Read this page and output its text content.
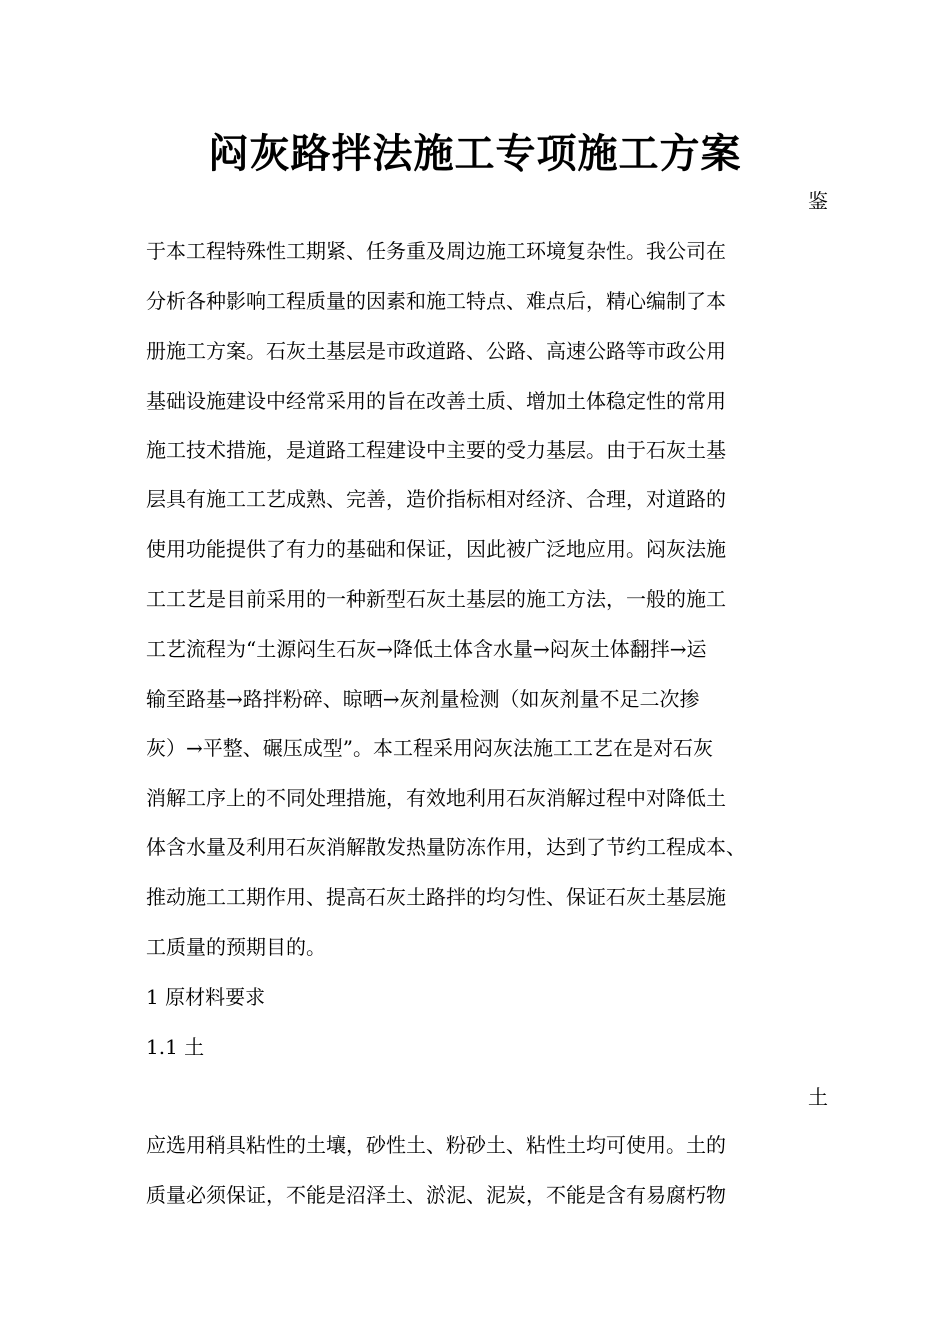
闷灰路拌法施工专项施工方案
鉴
于本工程特殊性工期紧、任务重及周边施工环境复杂性。我公司在
分析各种影响工程质量的因素和施工特点、难点后，精心编制了本
册施工方案。石灰土基层是市政道路、公路、高速公路等市政公用
基础设施建设中经常采用的旨在改善土质、增加土体稳定性的常用
施工技术措施，是道路工程建设中主要的受力基层。由于石灰土基
层具有施工工艺成熟、完善，造价指标相对经济、合理，对道路的
使用功能提供了有力的基础和保证，因此被广泛地应用。闷灰法施
工工艺是目前采用的一种新型石灰土基层的施工方法，一般的施工
工艺流程为“土源闷生石灰→降低土体含水量→闷灰土体翻拌→运
输至路基→路拌粉碎、晾晒→灰剂量检测（如灰剂量不足二次掺
灰）→平整、碾压成型”。本工程采用闷灰法施工工艺在是对石灰
消解工序上的不同处理措施，有效地利用石灰消解过程中对降低土
体含水量及利用石灰消解散发热量防冻作用，达到了节约工程成本、
推动施工工期作用、提高石灰土路拌的均匀性、保证石灰土基层施
工质量的预期目的。
1 原材料要求
1.1 土
土
应选用稍具粘性的土壤，砂性土、粉砂土、粘性土均可使用。土的
质量必须保证，不能是沼泽土、淤泥、泥炭，不能是含有易腐朽物
